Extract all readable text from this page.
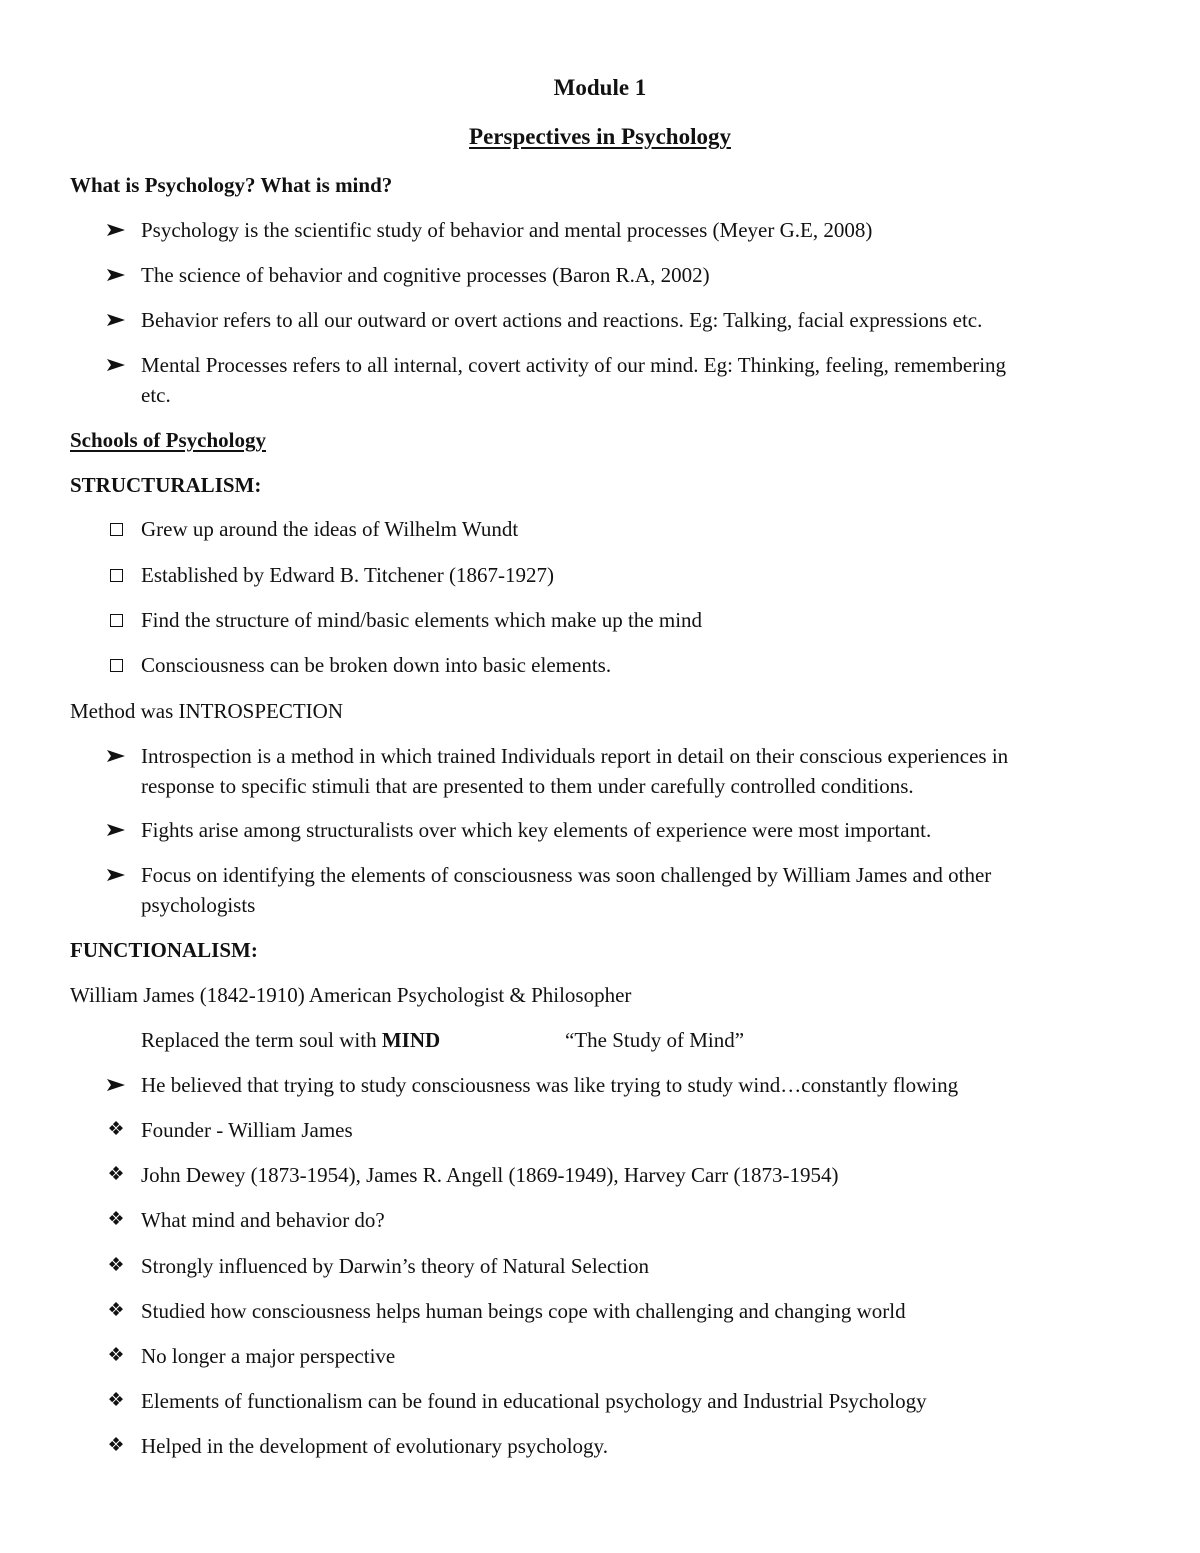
Module 1
Perspectives in Psychology
What is Psychology? What is mind?
Psychology is the scientific study of behavior and mental processes (Meyer G.E, 2008)
The science of behavior and cognitive processes (Baron R.A, 2002)
Behavior refers to all our outward or overt actions and reactions. Eg: Talking, facial expressions etc.
Mental Processes refers to all internal, covert activity of our mind. Eg: Thinking, feeling, remembering
etc.
Schools of Psychology
STRUCTURALISM:
Grew up around the ideas of Wilhelm Wundt
Established by Edward B. Titchener (1867-1927)
Find the structure of mind/basic elements which make up the mind
Consciousness can be broken down into basic elements.
Method was INTROSPECTION
Introspection is a method in which trained Individuals report in detail on their conscious experiences in
response to specific stimuli that are presented to them under carefully controlled conditions.
Fights arise among structuralists over which key elements of experience were most important.
Focus on identifying the elements of consciousness was soon challenged by William James and other
psychologists
FUNCTIONALISM:
William James (1842-1910) American Psychologist & Philosopher
Replaced the term soul with MIND	“The Study of Mind”
He believed that trying to study consciousness was like trying to study wind…constantly flowing
❖ Founder - William James
❖ John Dewey (1873-1954), James R. Angell (1869-1949), Harvey Carr (1873-1954)
❖ What mind and behavior do?
❖ Strongly influenced by Darwin’s theory of Natural Selection
❖ Studied how consciousness helps human beings cope with challenging and changing world
❖ No longer a major perspective
❖ Elements of functionalism can be found in educational psychology and Industrial Psychology
❖ Helped in the development of evolutionary psychology.
